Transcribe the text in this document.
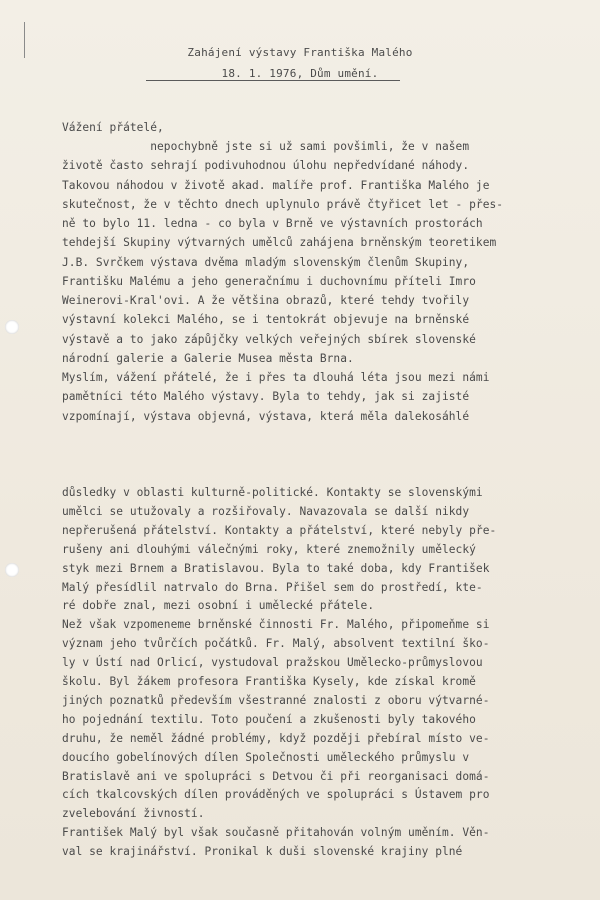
Zahájení výstavy Františka Malého
18. 1. 1976, Dům umění.
Vážení přátelé,
nepochybně jste si už sami povšimli, že v našem
životě často sehrají podivuhodnou úlohu nepředvídané náhody.
Takovou náhodou v životě akad. malíře prof. Františka Malého je
skutečnost, že v těchto dnech uplynulo právě čtyřicet let - přes-
ně to bylo 11. ledna - co byla v Brně ve výstavních prostorách
tehdejší Skupiny výtvarných umělců zahájena brněnským teoretikem
J.B. Svrčkem výstava dvěma mladým slovenským členům Skupiny,
Františku Malému a jeho generačnímu i duchovnímu příteli Imro
Weinerovi-Kral'ovi. A že většina obrazů, které tehdy tvořily
výstavní kolekci Malého, se i tentokrát objevuje na brněnské
výstavě a to jako zápůjčky velkých veřejných sbírek slovenské
národní galerie a Galerie Musea města Brna.
Myslím, vážení přátelé, že i přes ta dlouhá léta jsou mezi námi
pamětníci této Malého výstavy. Byla to tehdy, jak si zajisté
vzpomínají, výstava objevná, výstava, která měla dalekosáhlé
důsledky v oblasti kulturně-politické. Kontakty se slovenskými
umělci se utužovaly a rozšiřovaly. Navazovala se další nikdy
nepřerušená přátelství. Kontakty a přátelství, které nebyly pře-
rušeny ani dlouhými válečnými roky, které znemožnily umělecký
styk mezi Brnem a Bratislavou. Byla to také doba, kdy František
Malý přesídlil natrvalo do Brna. Přišel sem do prostředí, kte-
ré dobře znal, mezi osobní i umělecké přátele.
Než však vzpomeneme brněnské činnosti Fr. Malého, připomeňme si
význam jeho tvůrčích počátků. Fr. Malý, absolvent textilní ško-
ly v Ústí nad Orlicí, vystudoval pražskou Umělecko-průmyslovou
školu. Byl žákem profesora Františka Kysely, kde získal kromě
jiných poznatků především všestranné znalosti z oboru výtvarné-
ho pojednání textilu. Toto poučení a zkušenosti byly takového
druhu, že neměl žádné problémy, když později přebíral místo ve-
doucího gobelínových dílen Společnosti uměleckého průmyslu v
Bratislavě ani ve spolupráci s Detvou či při reorganisaci domá-
cích tkalcovských dílen prováděných ve spolupráci s Ústavem pro
zvelebování živností.
František Malý byl však současně přitahován volným uměním. Věn-
val se krajinářství. Pronikal k duši slovenské krajiny plné
